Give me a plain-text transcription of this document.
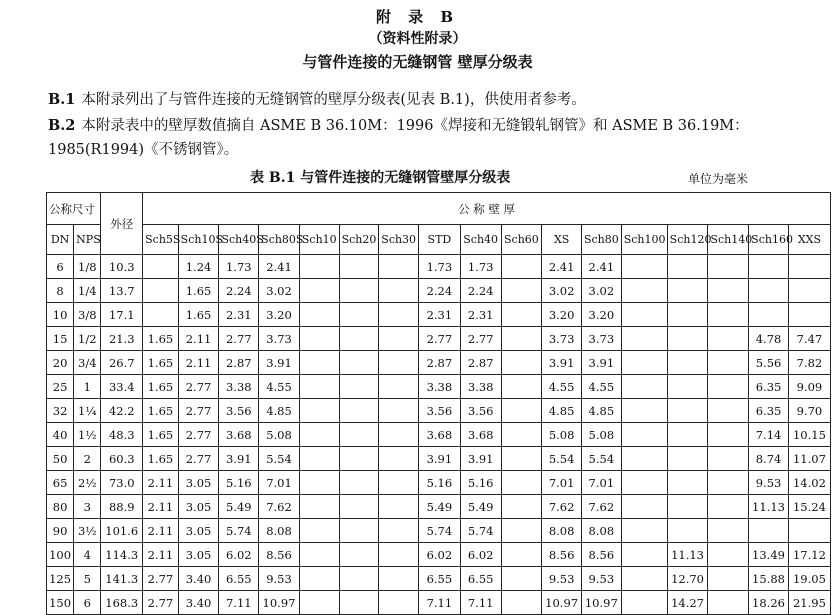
附 录 B
（资料性附录）
与管件连接的无缝钢管 壁厚分级表
B.1 本附录列出了与管件连接的无缝钢管的壁厚分级表(见表 B.1)，供使用者参考。
B.2 本附录表中的壁厚数值摘自 ASME B 36.10M：1996《焊接和无缝锻轧钢管》和 ASME B 36.19M：1985(R1994)《不锈钢管》。
表 B.1 与管件连接的无缝钢管壁厚分级表	单位为毫米
公称尺寸		外径	公 称 壁 厚																
DN	NPS		Sch5S	Sch10S	Sch40S	Sch80S	Sch10	Sch20	Sch30	STD	Sch40	Sch60	XS	Sch80	Sch100	Sch120	Sch140	Sch160	XXS
6	1/8	10.3		1.24	1.73	2.41				1.73	1.73		2.41	2.41					
8	1/4	13.7		1.65	2.24	3.02				2.24	2.24		3.02	3.02					
10	3/8	17.1		1.65	2.31	3.20				2.31	2.31		3.20	3.20					
15	1/2	21.3	1.65	2.11	2.77	3.73				2.77	2.77		3.73	3.73				4.78	7.47
20	3/4	26.7	1.65	2.11	2.87	3.91				2.87	2.87		3.91	3.91				5.56	7.82
25	1	33.4	1.65	2.77	3.38	4.55				3.38	3.38		4.55	4.55				6.35	9.09
32	1¼	42.2	1.65	2.77	3.56	4.85				3.56	3.56		4.85	4.85				6.35	9.70
40	1½	48.3	1.65	2.77	3.68	5.08				3.68	3.68		5.08	5.08				7.14	10.15
50	2	60.3	1.65	2.77	3.91	5.54				3.91	3.91		5.54	5.54				8.74	11.07
65	2½	73.0	2.11	3.05	5.16	7.01				5.16	5.16		7.01	7.01				9.53	14.02
80	3	88.9	2.11	3.05	5.49	7.62				5.49	5.49		7.62	7.62				11.13	15.24
90	3½	101.6	2.11	3.05	5.74	8.08				5.74	5.74		8.08	8.08					
100	4	114.3	2.11	3.05	6.02	8.56				6.02	6.02		8.56	8.56		11.13		13.49	17.12
125	5	141.3	2.77	3.40	6.55	9.53				6.55	6.55		9.53	9.53		12.70		15.88	19.05
150	6	168.3	2.77	3.40	7.11	10.97				7.11	7.11		10.97	10.97		14.27		18.26	21.95
